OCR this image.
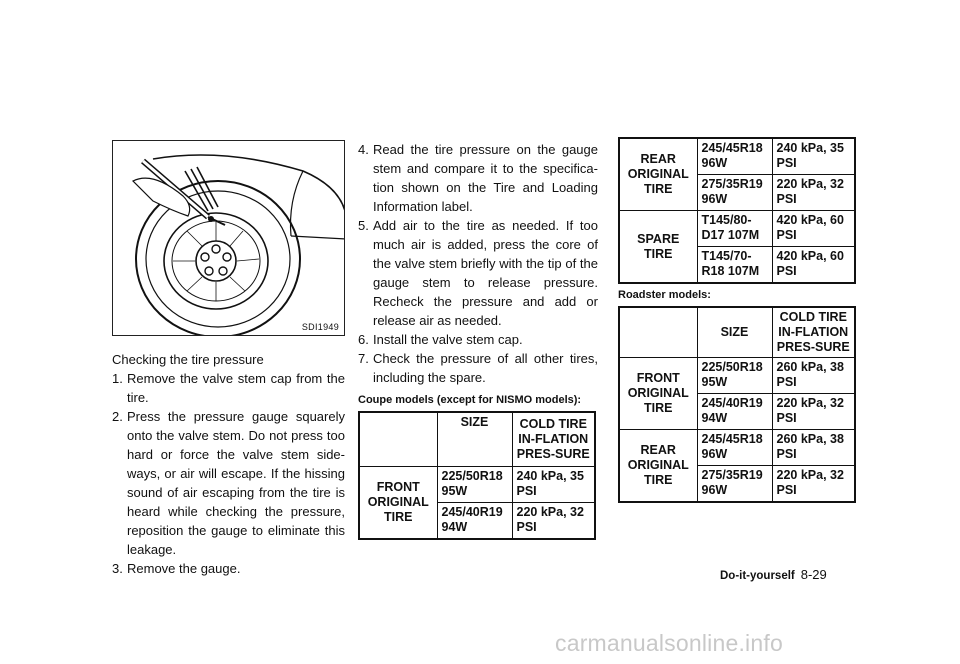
SDI1949

Checking the tire pressure

1. Remove the valve stem cap from the tire.
2. Press the pressure gauge squarely onto the valve stem. Do not press too hard or force the valve stem side-ways, or air will escape. If the hissing sound of air escaping from the tire is heard while checking the pressure, reposition the gauge to eliminate this leakage.
3. Remove the gauge.
4. Read the tire pressure on the gauge stem and compare it to the specifica-tion shown on the Tire and Loading Information label.
5. Add air to the tire as needed. If too much air is added, press the core of the valve stem briefly with the tip of the gauge stem to release pressure. Recheck the pressure and add or release air as needed.
6. Install the valve stem cap.
7. Check the pressure of all other tires, including the spare.

Coupe models (except for NISMO models):

	SIZE	COLD TIRE IN-FLATION PRES-SURE
FRONT ORIGINAL TIRE	225/50R18 95W	240 kPa, 35 PSI
	245/40R19 94W	220 kPa, 32 PSI
REAR ORIGINAL TIRE	245/45R18 96W	240 kPa, 35 PSI
	275/35R19 96W	220 kPa, 32 PSI
SPARE TIRE	T145/80-D17 107M	420 kPa, 60 PSI
	T145/70-R18 107M	420 kPa, 60 PSI

Roadster models:

	SIZE	COLD TIRE IN-FLATION PRES-SURE
FRONT ORIGINAL TIRE	225/50R18 95W	260 kPa, 38 PSI
	245/40R19 94W	220 kPa, 32 PSI
REAR ORIGINAL TIRE	245/45R18 96W	260 kPa, 38 PSI
	275/35R19 96W	220 kPa, 32 PSI
Do-it-yourself 8-29
carmanualsonline.info
